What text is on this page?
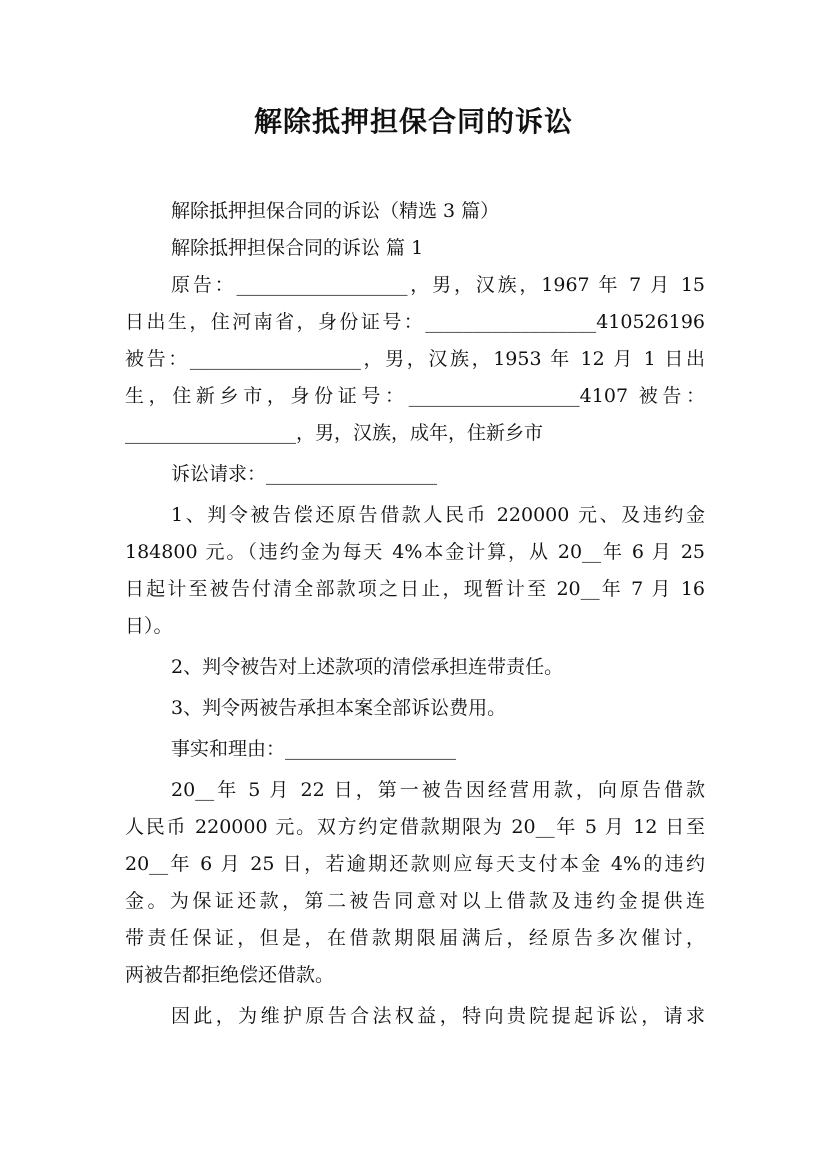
解除抵押担保合同的诉讼
解除抵押担保合同的诉讼（精选 3 篇）
解除抵押担保合同的诉讼 篇 1
原告：__________________，男，汉族，1967 年 7 月 15
日出生，住河南省，身份证号：__________________410526196
被告：__________________，男，汉族，1953 年 12 月 1 日出
生，住新乡市，身份证号：__________________4107 被告：
__________________，男，汉族，成年，住新乡市
诉讼请求：__________________
1、判令被告偿还原告借款人民币 220000 元、及违约金
184800 元。（违约金为每天 4%本金计算，从 20__年 6 月 25
日起计至被告付清全部款项之日止，现暂计至 20__年 7 月 16
日）。
2、判令被告对上述款项的清偿承担连带责任。
3、判令两被告承担本案全部诉讼费用。
事实和理由：__________________
20__年 5 月 22 日，第一被告因经营用款，向原告借款
人民币 220000 元。双方约定借款期限为 20__年 5 月 12 日至
20__年 6 月 25 日，若逾期还款则应每天支付本金 4%的违约
金。为保证还款，第二被告同意对以上借款及违约金提供连
带责任保证，但是，在借款期限届满后，经原告多次催讨，
两被告都拒绝偿还借款。
因此，为维护原告合法权益，特向贵院提起诉讼，请求
